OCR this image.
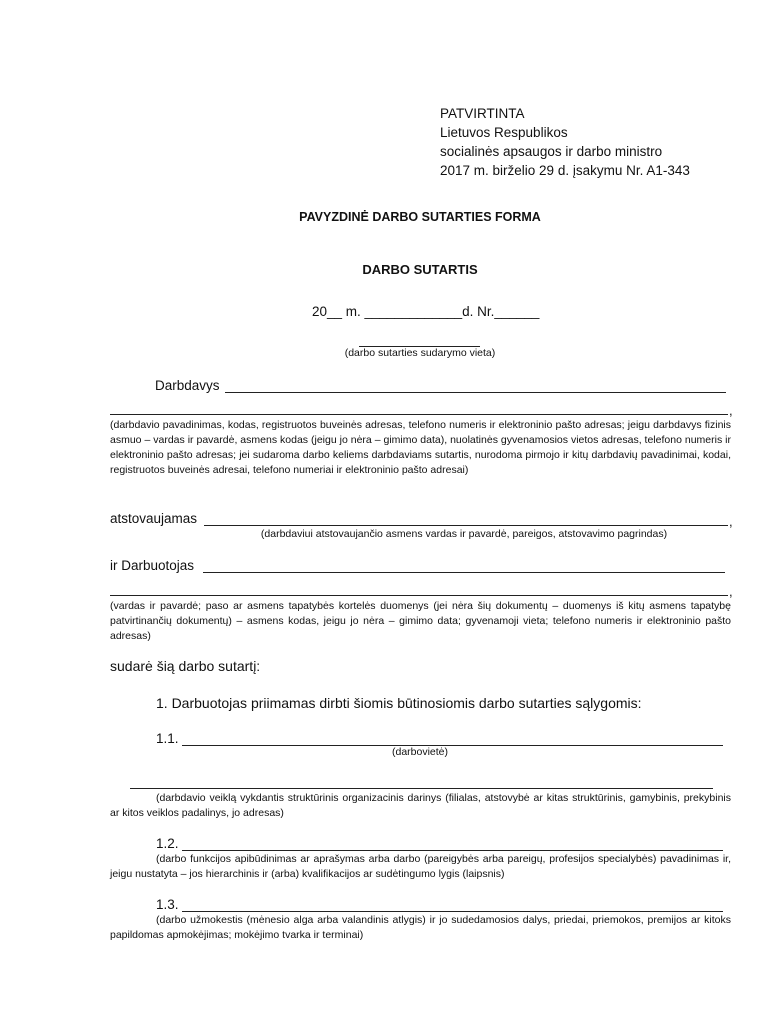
PATVIRTINTA
Lietuvos Respublikos
socialinės apsaugos ir darbo ministro
2017 m. birželio 29 d. įsakymu Nr. A1-343
PAVYZDINĖ DARBO SUTARTIES FORMA
DARBO SUTARTIS
20__ m. _____________d. Nr.______
(darbo sutarties sudarymo vieta)
Darbdavys
,
(darbdavio pavadinimas, kodas, registruotos buveinės adresas, telefono numeris ir elektroninio pašto adresas; jeigu darbdavys fizinis asmuo – vardas ir pavardė, asmens kodas (jeigu jo nėra – gimimo data), nuolatinės gyvenamosios vietos adresas, telefono numeris ir elektroninio pašto adresas; jei sudaroma darbo keliems darbdaviams sutartis, nurodoma pirmojo ir kitų darbdavių pavadinimai, kodai, registruotos buveinės adresai, telefono numeriai ir elektroninio pašto adresai)
atstovaujamas	,
(darbdaviui atstovaujančio asmens vardas ir pavardė, pareigos, atstovavimo pagrindas)
ir Darbuotojas
,
(vardas ir pavardė; paso ar asmens tapatybės kortelės duomenys (jei nėra šių dokumentų – duomenys iš kitų asmens tapatybę patvirtinančių dokumentų) – asmens kodas, jeigu jo nėra – gimimo data; gyvenamoji vieta; telefono numeris ir elektroninio pašto adresas)
sudarė šią darbo sutartį:
1. Darbuotojas priimamas dirbti šiomis būtinosiomis darbo sutarties sąlygomis:
1.1.
(darbovietė)
(darbdavio veiklą vykdantis struktūrinis organizacinis darinys (filialas, atstovybė ar kitas struktūrinis, gamybinis, prekybinis ar kitos veiklos padalinys, jo adresas)
1.2.
(darbo funkcijos apibūdinimas ar aprašymas arba darbo (pareigybės arba pareigų, profesijos specialybės) pavadinimas ir, jeigu nustatyta – jos hierarchinis ir (arba) kvalifikacijos ar sudėtingumo lygis (laipsnis)
1.3.
(darbo užmokestis (mėnesio alga arba valandinis atlygis) ir jo sudedamosios dalys, priedai, priemokos, premijos ar kitoks papildomas apmokėjimas; mokėjimo tvarka ir terminai)
